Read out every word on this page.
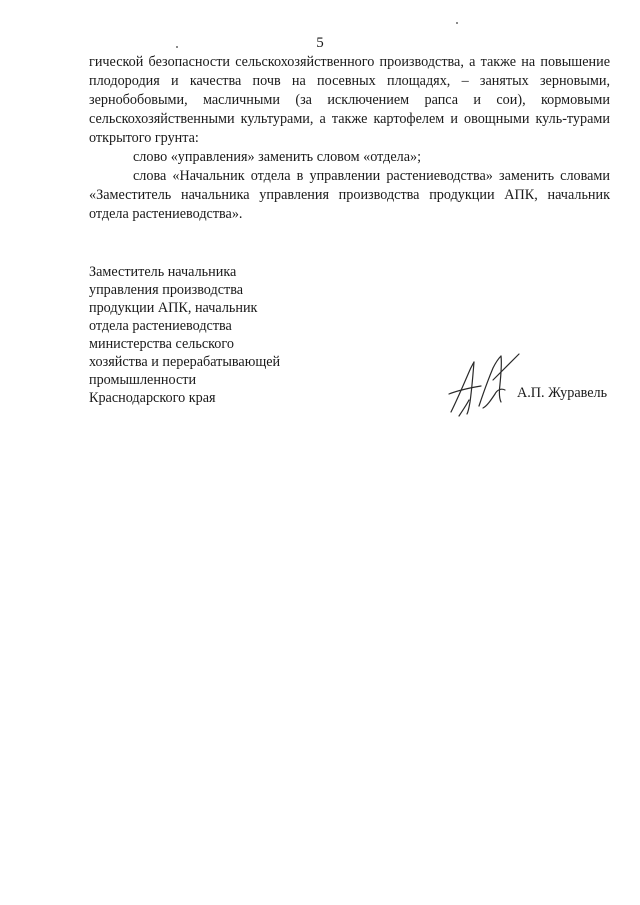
5

гической безопасности сельскохозяйственного производства, а также на повышение плодородия и качества почв на посевных площадях, – занятых зерновыми, зернобобовыми, масличными (за исключением рапса и сои), кормовыми сельскохозяйственными культурами, а также картофелем и овощными куль-турами открытого грунта:

слово «управления» заменить словом «отдела»;

слова «Начальник отдела в управлении растениеводства» заменить словами «Заместитель начальника управления производства продукции АПК, начальник отдела растениеводства».

Заместитель начальника
управления производства
продукции АПК, начальник
отдела растениеводства
министерства сельского
хозяйства и перерабатывающей
промышленности
Краснодарского края	А.П. Журавель
